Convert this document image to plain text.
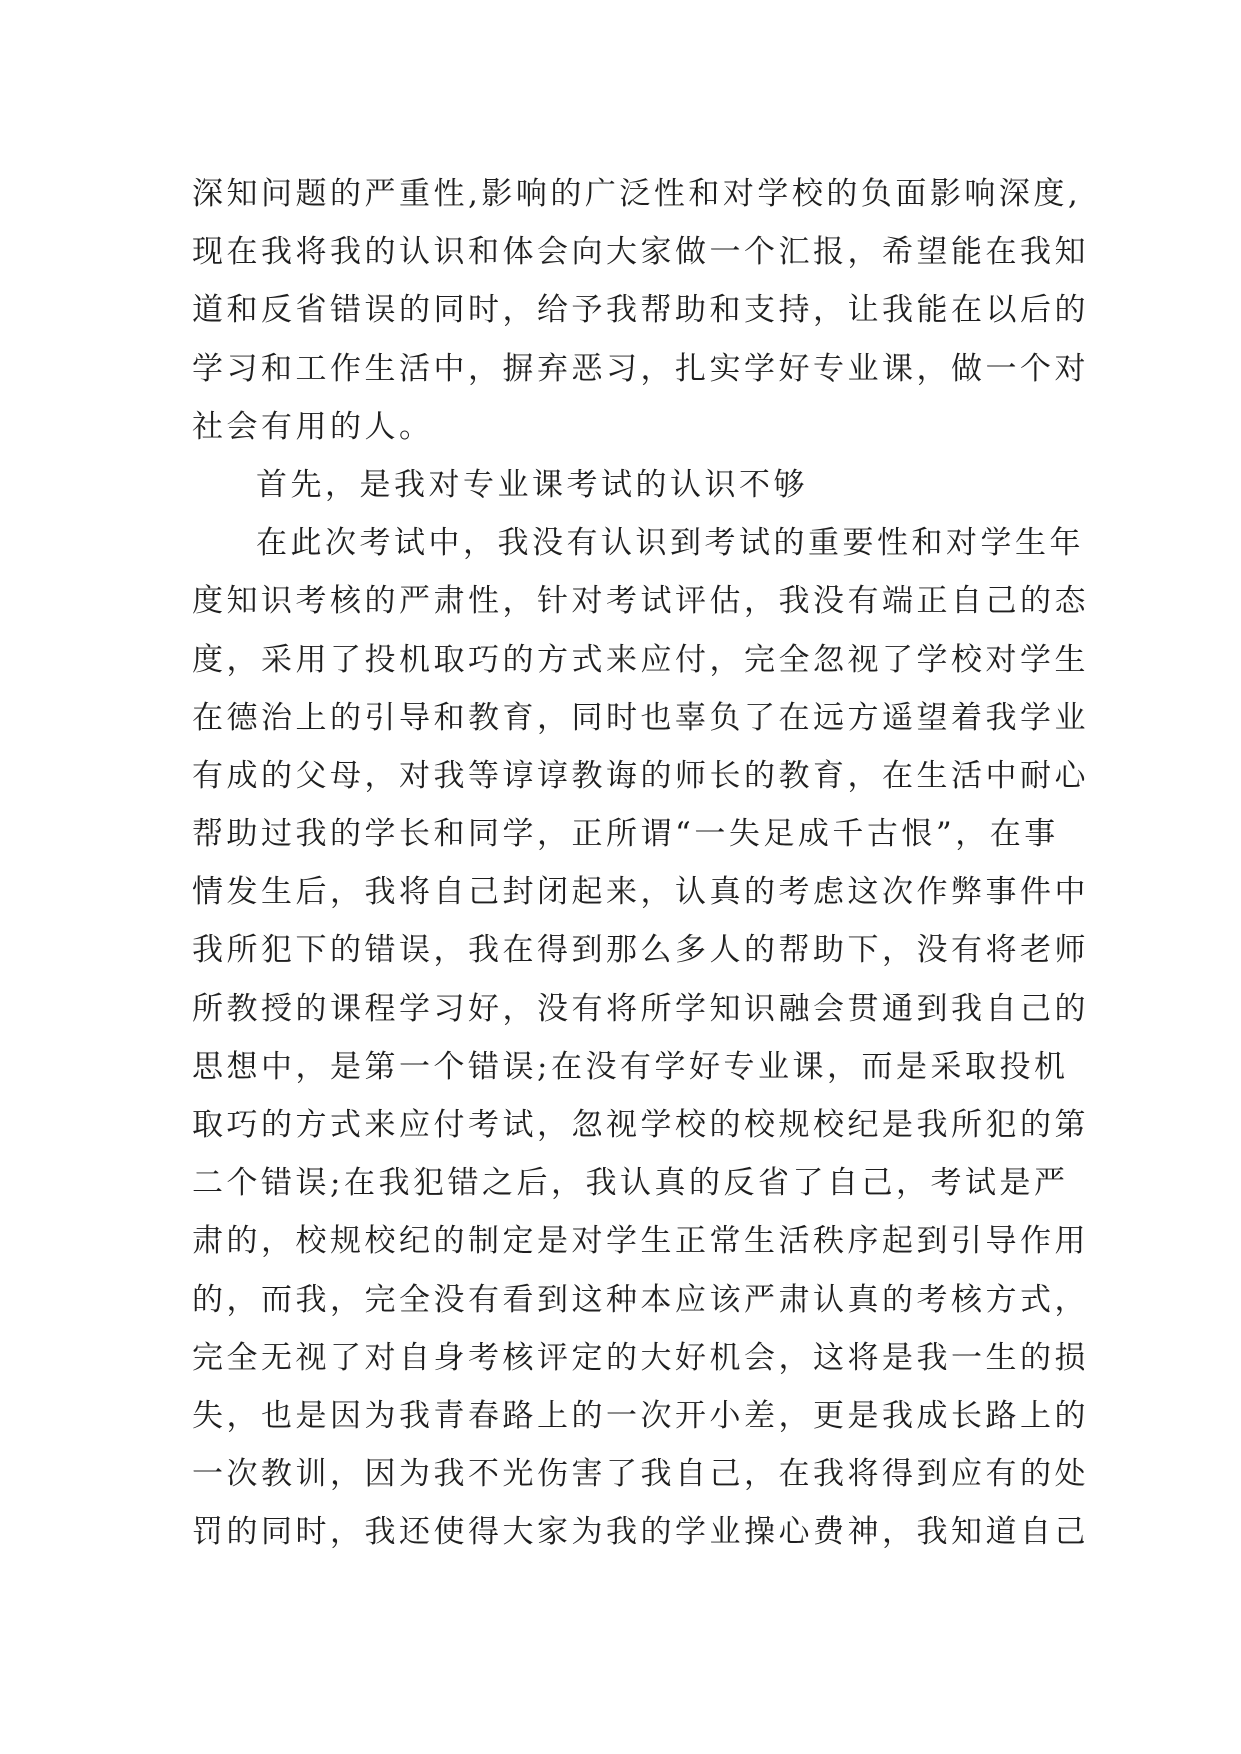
深知问题的严重性,影响的广泛性和对学校的负面影响深度,
现在我将我的认识和体会向大家做一个汇报，希望能在我知
道和反省错误的同时，给予我帮助和支持，让我能在以后的
学习和工作生活中，摒弃恶习，扎实学好专业课，做一个对
社会有用的人。
首先，是我对专业课考试的认识不够
在此次考试中，我没有认识到考试的重要性和对学生年
度知识考核的严肃性，针对考试评估，我没有端正自己的态
度，采用了投机取巧的方式来应付，完全忽视了学校对学生
在德治上的引导和教育，同时也辜负了在远方遥望着我学业
有成的父母，对我等谆谆教诲的师长的教育，在生活中耐心
帮助过我的学长和同学，正所谓“一失足成千古恨”，在事
情发生后，我将自己封闭起来，认真的考虑这次作弊事件中
我所犯下的错误，我在得到那么多人的帮助下，没有将老师
所教授的课程学习好，没有将所学知识融会贯通到我自己的
思想中，是第一个错误;在没有学好专业课，而是采取投机
取巧的方式来应付考试，忽视学校的校规校纪是我所犯的第
二个错误;在我犯错之后，我认真的反省了自己，考试是严
肃的，校规校纪的制定是对学生正常生活秩序起到引导作用
的，而我，完全没有看到这种本应该严肃认真的考核方式，
完全无视了对自身考核评定的大好机会，这将是我一生的损
失，也是因为我青春路上的一次开小差，更是我成长路上的
一次教训，因为我不光伤害了我自己，在我将得到应有的处
罚的同时，我还使得大家为我的学业操心费神，我知道自己
